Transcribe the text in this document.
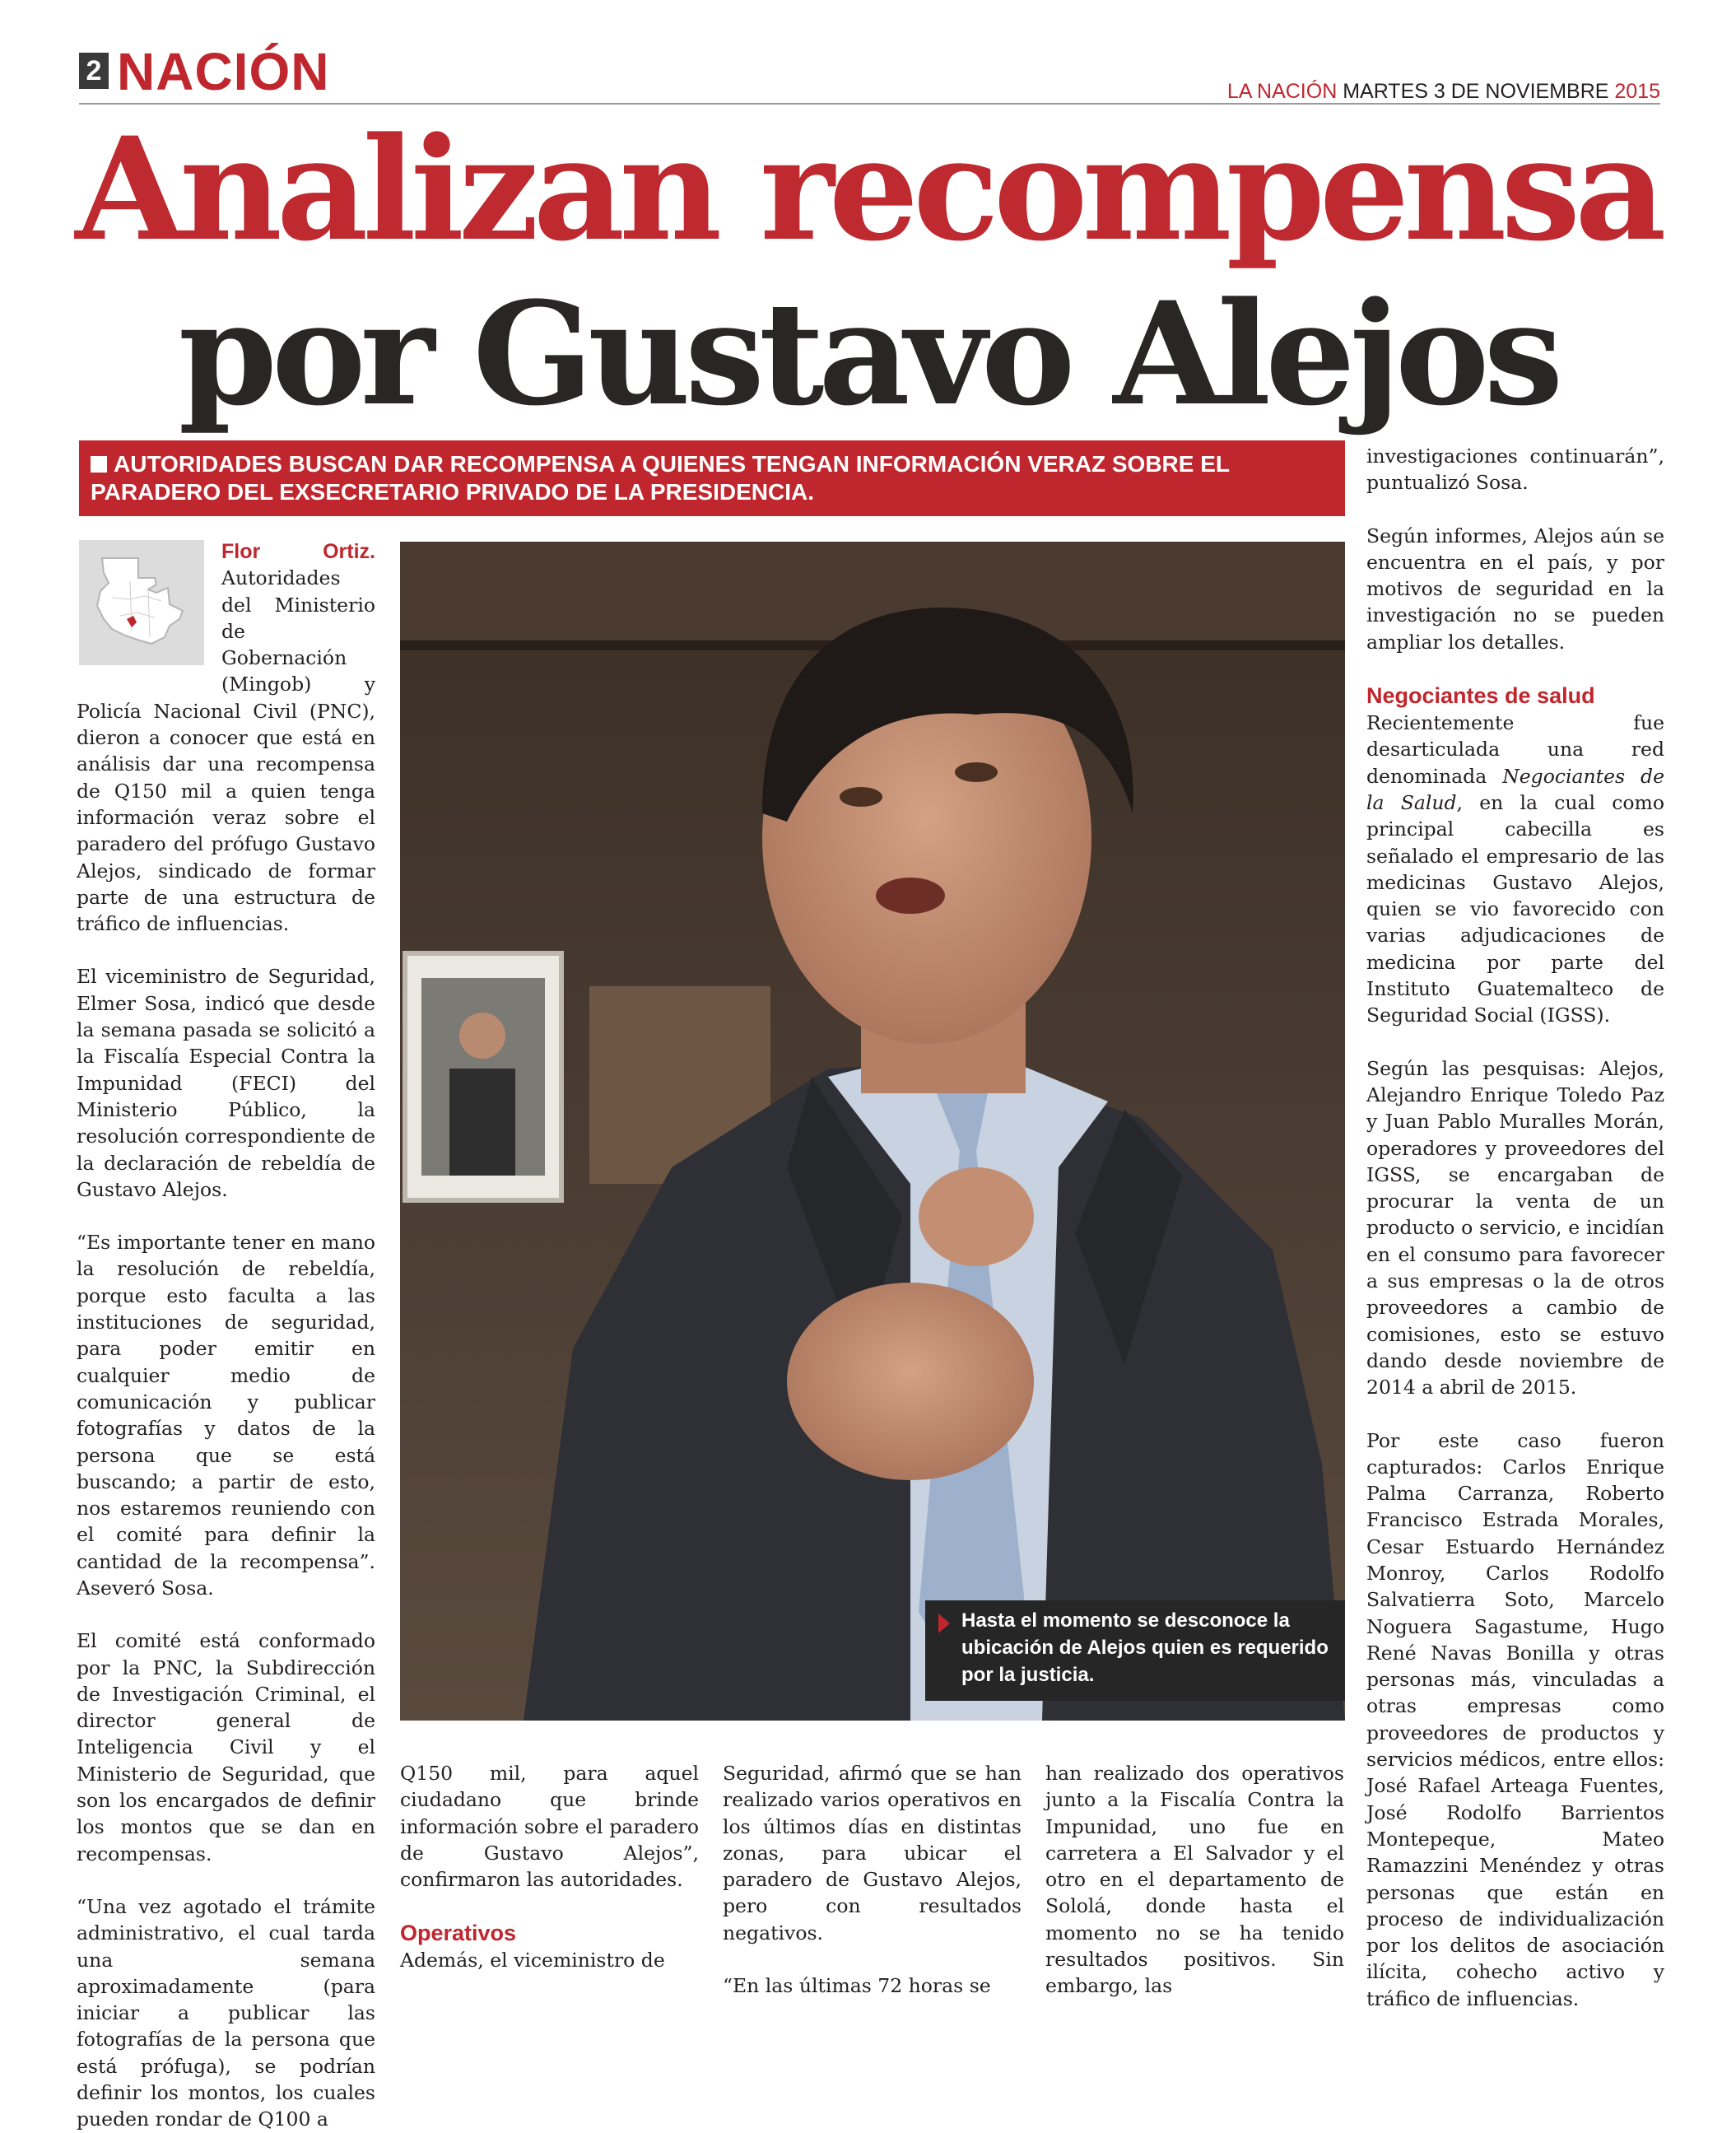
2 NACIÓN	LA NACIÓN MARTES 3 DE NOVIEMBRE 2015
Analizan recompensa
por Gustavo Alejos
AUTORIDADES BUSCAN DAR RECOMPENSA A QUIENES TENGAN INFORMACIÓN VERAZ SOBRE EL PARADERO DEL EXSECRETARIO PRIVADO DE LA PRESIDENCIA.

Flor Ortiz. Autoridades del Ministerio de Gobernación (Mingob) y Policía Nacional Civil (PNC), dieron a conocer que está en análisis dar una recompensa de Q150 mil a quien tenga información veraz sobre el paradero del prófugo Gustavo Alejos, sindicado de formar parte de una estructura de tráfico de influencias.

El viceministro de Seguridad, Elmer Sosa, indicó que desde la semana pasada se solicitó a la Fiscalía Especial Contra la Impunidad (FECI) del Ministerio Público, la resolución correspondiente de la declaración de rebeldía de Gustavo Alejos.

“Es importante tener en mano la resolución de rebeldía, porque esto faculta a las instituciones de seguridad, para poder emitir en cualquier medio de comunicación y publicar fotografías y datos de la persona que se está buscando; a partir de esto, nos estaremos reuniendo con el comité para definir la cantidad de la recompensa”. Aseveró Sosa.

El comité está conformado por la PNC, la Subdirección de Investigación Criminal, el director general de Inteligencia Civil y el Ministerio de Seguridad, que son los encargados de definir los montos que se dan en recompensas.

“Una vez agotado el trámite administrativo, el cual tarda una semana aproximadamente (para iniciar a publicar las fotografías de la persona que está prófuga), se podrían definir los montos, los cuales pueden rondar de Q100 a

Hasta el momento se desconoce la ubicación de Alejos quien es requerido por la justicia.

Q150 mil, para aquel ciudadano que brinde información sobre el paradero de Gustavo Alejos”, confirmaron las autoridades.

Operativos

Además, el viceministro de

Seguridad, afirmó que se han realizado varios operativos en los últimos días en distintas zonas, para ubicar el paradero de Gustavo Alejos, pero con resultados negativos.

“En las últimas 72 horas se

han realizado dos operativos junto a la Fiscalía Contra la Impunidad, uno fue en carretera a El Salvador y el otro en el departamento de Sololá, donde hasta el momento no se ha tenido resultados positivos. Sin embargo, las

investigaciones continuarán”, puntualizó Sosa.

Según informes, Alejos aún se encuentra en el país, y por motivos de seguridad en la investigación no se pueden ampliar los detalles.

Negociantes de salud

Recientemente fue desarticulada una red denominada Negociantes de la Salud, en la cual como principal cabecilla es señalado el empresario de las medicinas Gustavo Alejos, quien se vio favorecido con varias adjudicaciones de medicina por parte del Instituto Guatemalteco de Seguridad Social (IGSS).

Según las pesquisas: Alejos, Alejandro Enrique Toledo Paz y Juan Pablo Muralles Morán, operadores y proveedores del IGSS, se encargaban de procurar la venta de un producto o servicio, e incidían en el consumo para favorecer a sus empresas o la de otros proveedores a cambio de comisiones, esto se estuvo dando desde noviembre de 2014 a abril de 2015.

Por este caso fueron capturados: Carlos Enrique Palma Carranza, Roberto Francisco Estrada Morales, Cesar Estuardo Hernández Monroy, Carlos Rodolfo Salvatierra Soto, Marcelo Noguera Sagastume, Hugo René Navas Bonilla y otras personas más, vinculadas a otras empresas como proveedores de productos y servicios médicos, entre ellos: José Rafael Arteaga Fuentes, José Rodolfo Barrientos Montepeque, Mateo Ramazzini Menéndez y otras personas que están en proceso de individualización por los delitos de asociación ilícita, cohecho activo y tráfico de influencias.
